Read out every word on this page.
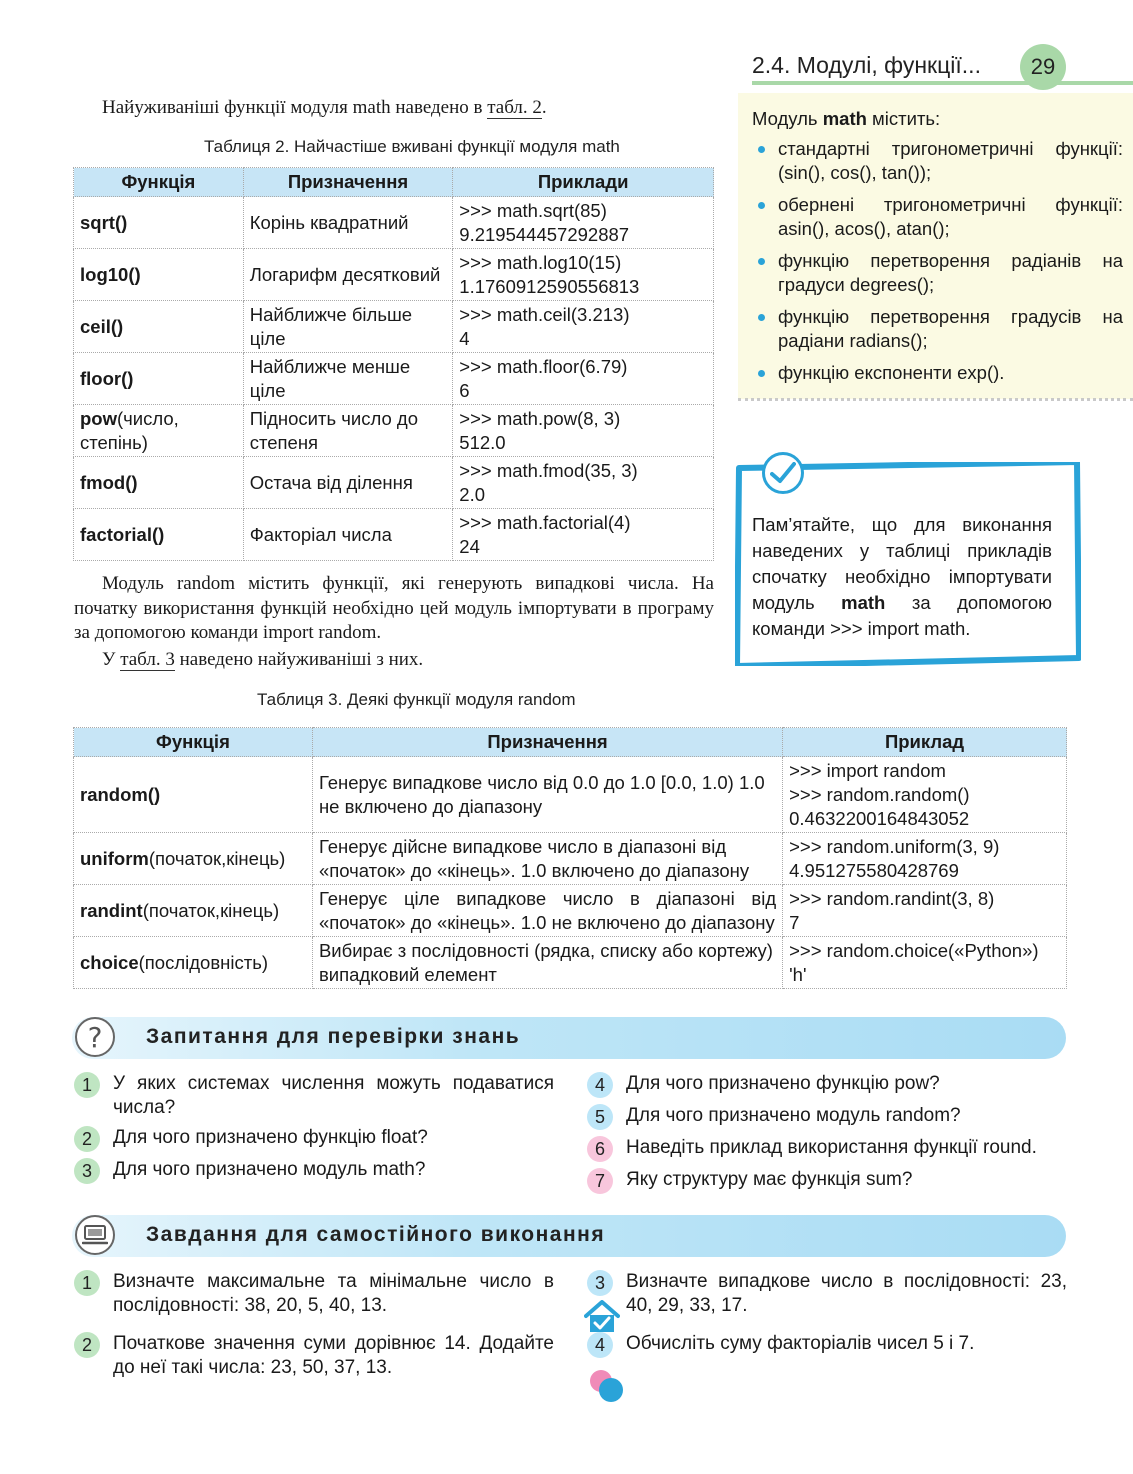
2.4. Модулі, функції...	29
Найуживаніші функції модуля math наведено в табл. 2.
Таблиця 2. Найчастіше вживані функції модуля math
Функція	Призначення	Приклади
sqrt()	Корінь квадратний	>>> math.sqrt(85)
9.219544457292887

log10()	Логарифм десятковий	>>> math.log10(15)
1.1760912590556813

ceil()	Найближче більше ціле	>>> math.ceil(3.213)
4

floor()	Найближче менше ціле	>>> math.floor(6.79)
6

pow(число, степінь)	Підносить число до степеня	>>> math.pow(8, 3)
512.0

fmod()	Остача від ділення	>>> math.fmod(35, 3)
2.0

factorial()	Факторіал числа	>>> math.factorial(4)
24
Модуль random містить функції, які генерують випадкові числа. На початку використання функцій необхідно цей модуль імпортувати в програму за допомогою команди import random.
У табл. 3 наведено найуживаніші з них.
Таблиця 3. Деякі функції модуля random
Функція	Призначення	Приклад
random()	Генерує випадкове число від 0.0 до 1.0 [0.0, 1.0) 1.0 не включено до діапазону	>>> import random
>>> random.random()
0.4632200164843052

uniform(початок,кінець)	Генерує дійсне випадкове число в діапазоні від «початок» до «кінець». 1.0 включено до діапазону	>>> random.uniform(3, 9)
4.951275580428769

randint(початок,кінець)	Генерує ціле випадкове число в діапазоні від «початок» до «кінець». 1.0 не включено до діапазону	>>> random.randint(3, 8)
7

choice(послідовність)	Вибирає з послідовності (рядка, списку або кортежу) випадковий елемент	>>> random.choice(«Python»)
'h'
Модуль math містить:
стандартні тригонометричні функції: (sin(), cos(), tan());
обернені тригонометричні функції: asin(), acos(), atan();
функцію перетворення радіанів на градуси degrees();
функцію перетворення градусів на радіани radians();
функцію експоненти exp().
Пам’ятайте, що для виконання наведених у таблиці прикладів спочатку необхідно імпортувати модуль math за допомогою команди >>> import math.
? Запитання для перевірки знань
1	У яких системах числення можуть подаватися числа?
2	Для чого призначено функцію float?
3	Для чого призначено модуль math?
4	Для чого призначено функцію pow?
5	Для чого призначено модуль random?
6	Наведіть приклад використання функції round.
7	Яку структуру має функція sum?
Завдання для самостійного виконання
1	Визначте максимальне та мінімальне число в послідовності: 38, 20, 5, 40, 13.
2	Початкове значення суми дорівнює 14. Додайте до неї такі числа: 23, 50, 37, 13.
3	Визначте випадкове число в послідовності: 23, 40, 29, 33, 17.
4	Обчисліть суму факторіалів чисел 5 і 7.
